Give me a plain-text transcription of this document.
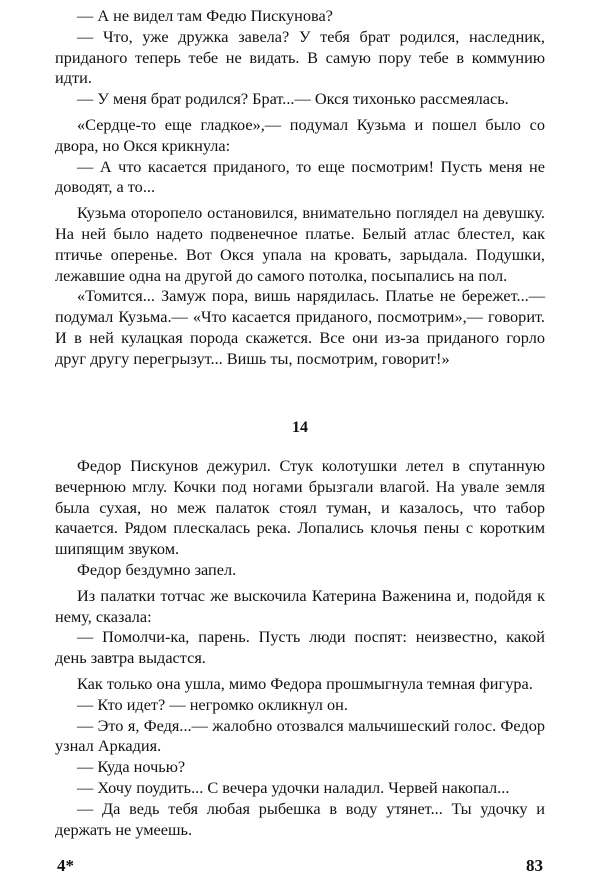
— А не видел там Федю Пискунова?

— Что, уже дружка завела? У тебя брат родился, наследник, приданого теперь тебе не видать. В самую пору тебе в коммунию идти.

— У меня брат родился? Брат...— Окся тихонько рассмеялась.

«Сердце-то еще гладкое»,— подумал Кузьма и пошел было со двора, но Окся крикнула:

— А что касается приданого, то еще посмотрим! Пусть меня не доводят, а то...

Кузьма оторопело остановился, внимательно поглядел на девушку. На ней было надето подвенечное платье. Белый атлас блестел, как птичье оперенье. Вот Окся упала на кровать, зарыдала. Подушки, лежавшие одна на другой до самого потолка, посыпались на пол.

«Томится... Замуж пора, вишь нарядилась. Платье не бережет...— подумал Кузьма.— «Что касается приданого, посмотрим»,— говорит. И в ней кулацкая порода скажется. Все они из-за приданого горло друг другу перегрызут... Вишь ты, посмотрим, говорит!»

14

Федор Пискунов дежурил. Стук колотушки летел в спутанную вечернюю мглу. Кочки под ногами брызгали влагой. На увале земля была сухая, но меж палаток стоял туман, и казалось, что табор качается. Рядом плескалась река. Лопались клочья пены с коротким шипящим звуком.

Федор бездумно запел.

Из палатки тотчас же выскочила Катерина Важенина и, подойдя к нему, сказала:

— Помолчи-ка, парень. Пусть люди поспят: неизвестно, какой день завтра выдастся.

Как только она ушла, мимо Федора прошмыгнула темная фигура.

— Кто идет? — негромко окликнул он.

— Это я, Федя...— жалобно отозвался мальчишеский голос. Федор узнал Аркадия.

— Куда ночью?

— Хочу поудить... С вечера удочки наладил. Червей накопал...

— Да ведь тебя любая рыбешка в воду утянет... Ты удочку и держать не умеешь.

4*	83
